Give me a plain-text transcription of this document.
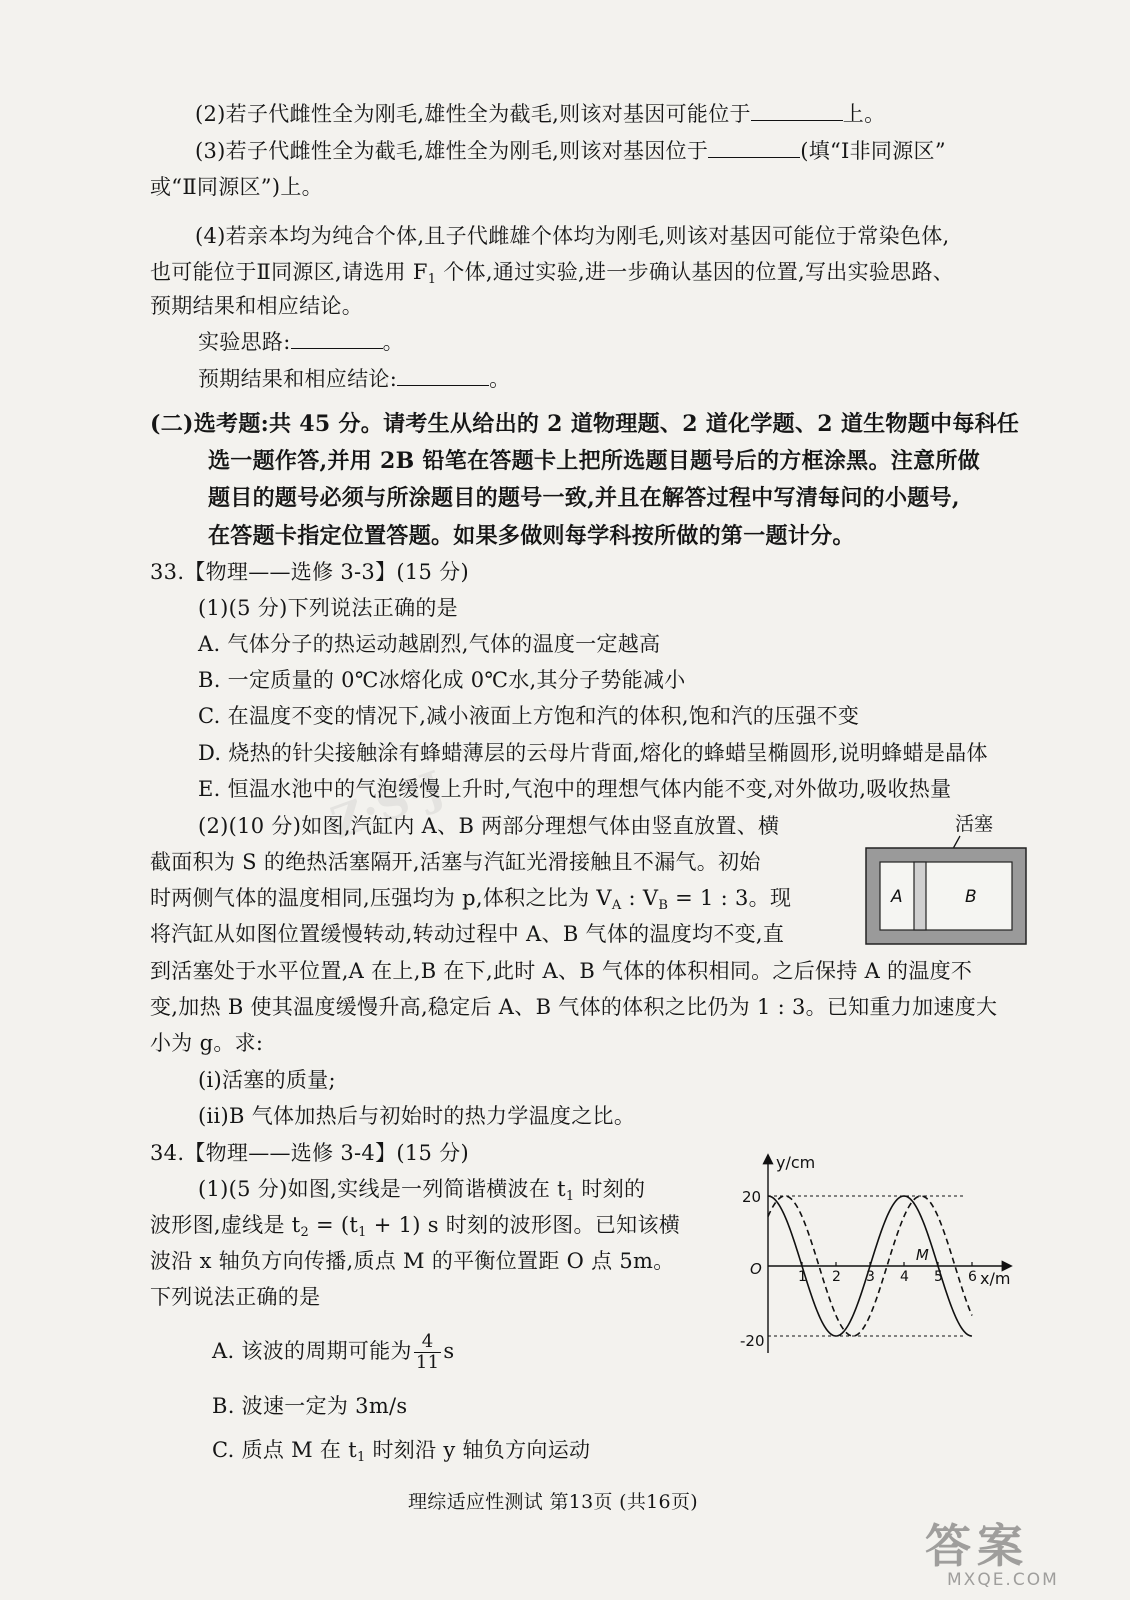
Z·S·J
(2)若子代雌性全为刚毛,雄性全为截毛,则该对基因可能位于	上。
(3)若子代雌性全为截毛,雄性全为刚毛,则该对基因位于	(填“Ⅰ非同源区”
或“Ⅱ同源区”)上。
(4)若亲本均为纯合个体,且子代雌雄个体均为刚毛,则该对基因可能位于常染色体,
也可能位于Ⅱ同源区,请选用 $F_1$ 个体,通过实验,进一步确认基因的位置,写出实验思路、
预期结果和相应结论。
实验思路:	。
预期结果和相应结论:	。
(二)选考题:共 45 分。请考生从给出的 2 道物理题、2 道化学题、2 道生物题中每科任
选一题作答,并用 2B 铅笔在答题卡上把所选题目题号后的方框涂黑。注意所做
题目的题号必须与所涂题目的题号一致,并且在解答过程中写清每问的小题号,
在答题卡指定位置答题。如果多做则每学科按所做的第一题计分。
33.【物理——选修 3-3】(15 分)
(1)(5 分)下列说法正确的是
A. 气体分子的热运动越剧烈,气体的温度一定越高
B. 一定质量的 0℃冰熔化成 0℃水,其分子势能减小
C. 在温度不变的情况下,减小液面上方饱和汽的体积,饱和汽的压强不变
D. 烧热的针尖接触涂有蜂蜡薄层的云母片背面,熔化的蜂蜡呈椭圆形,说明蜂蜡是晶体
E. 恒温水池中的气泡缓慢上升时,气泡中的理想气体内能不变,对外做功,吸收热量
(2)(10 分)如图,汽缸内 A、B 两部分理想气体由竖直放置、横
截面积为 S 的绝热活塞隔开,活塞与汽缸光滑接触且不漏气。初始
时两侧气体的温度相同,压强均为 p,体积之比为 $V_A$ : $V_B = 1$ : 3。现
将汽缸从如图位置缓慢转动,转动过程中 A、B 气体的温度均不变,直
到活塞处于水平位置,A 在上,B 在下,此时 A、B 气体的体积相同。之后保持 A 的温度不
变,加热 B 使其温度缓慢升高,稳定后 A、B 气体的体积之比仍为 1 : 3。已知重力加速度大
小为 g。求:
(i)活塞的质量;
(ii)B 气体加热后与初始时的热力学温度之比。
活塞
A	B
34.【物理——选修 3-4】(15 分)
(1)(5 分)如图,实线是一列简谐横波在 $t_1$ 时刻的
波形图,虚线是 $t_2 = (t_1 + 1)$ s 时刻的波形图。已知该横
波沿 x 轴负方向传播,质点 M 的平衡位置距 O 点 5m。
下列说法正确的是
A. 该波的周期可能为 $\frac{4}{11}$ s
B. 波速一定为 3m/s
C. 质点 M 在 $t_1$ 时刻沿 y 轴负方向运动
y/cm
x/m
O
20
-20
1 2 3 4 5 6
M
理综适应性测试 第13页 (共16页)
答案
MXQE.COM
